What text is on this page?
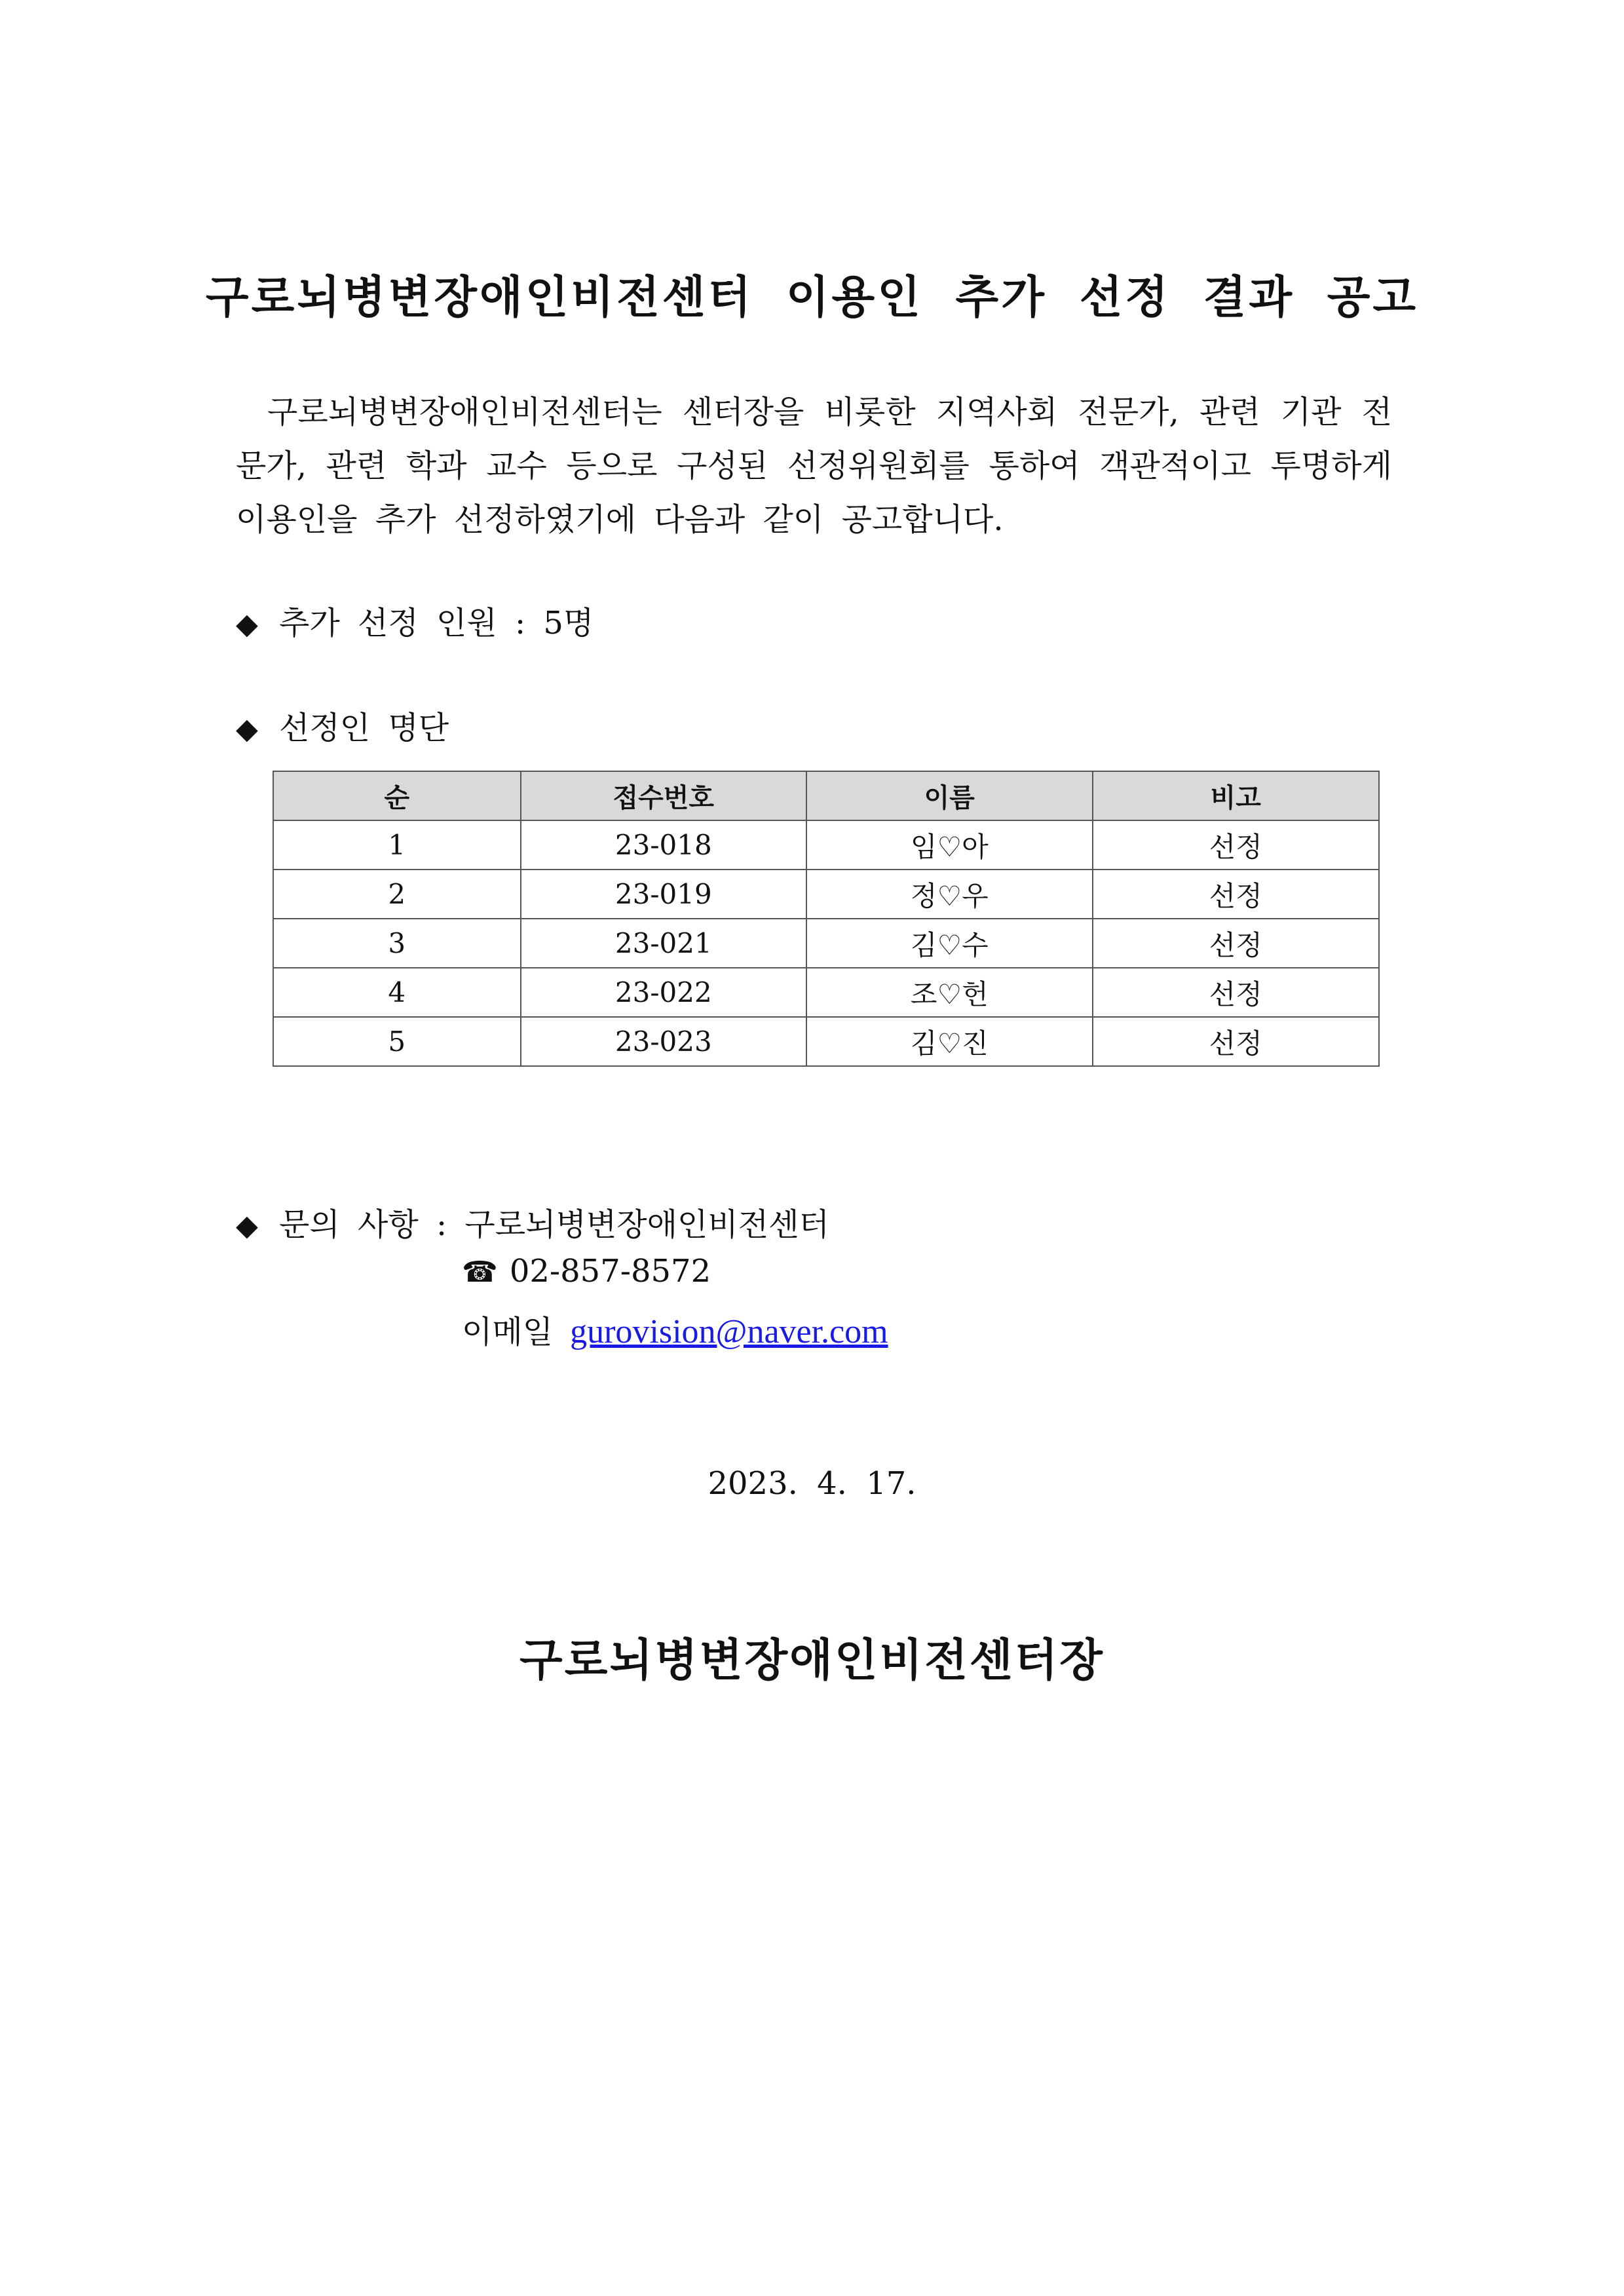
구로뇌병변장애인비전센터 이용인 추가 선정 결과 공고
구로뇌병변장애인비전센터는 센터장을 비롯한 지역사회 전문가, 관련 기관 전문가, 관련 학과 교수 등으로 구성된 선정위원회를 통하여 객관적이고 투명하게 이용인을 추가 선정하였기에 다음과 같이 공고합니다.
◆ 추가 선정 인원 : 5명
◆ 선정인 명단
순	접수번호	이름	비고
1	23-018	임♡아	선정
2	23-019	정♡우	선정
3	23-021	김♡수	선정
4	23-022	조♡헌	선정
5	23-023	김♡진	선정
◆ 문의 사항 : 구로뇌병변장애인비전센터
☎ 02-857-8572
이메일 gurovision@naver.com
2023. 4. 17.
구로뇌병변장애인비전센터장
